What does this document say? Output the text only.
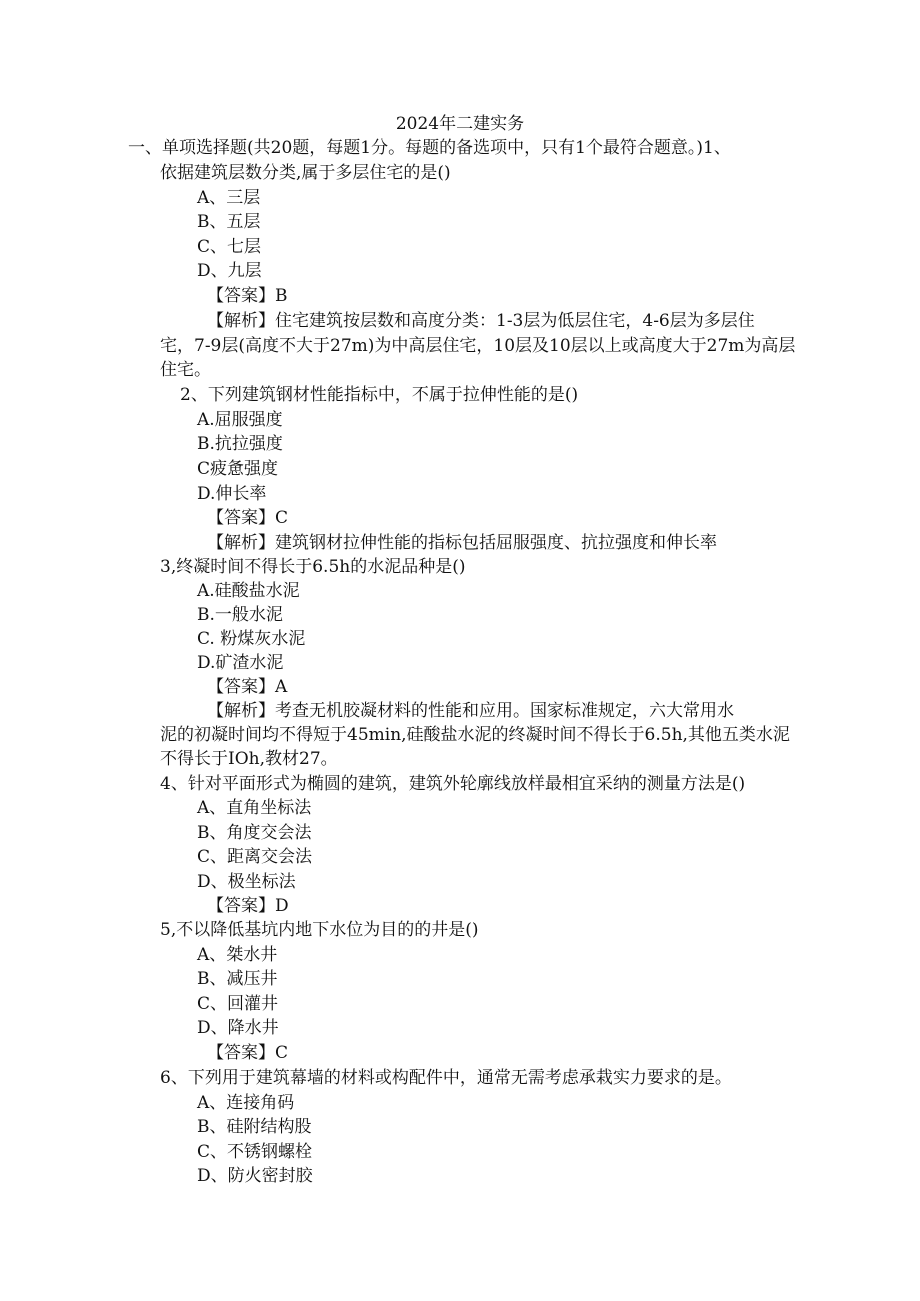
2024年二建实务
一、单项选择题(共20题，每题1分。每题的备选项中，只有1个最符合题意。)1、
依据建筑层数分类,属于多层住宅的是()
A、三层
B、五层
C、七层
D、九层
【答案】B
【解析】住宅建筑按层数和高度分类：1-3层为低层住宅，4-6层为多层住
宅，7-9层(高度不大于27m)为中高层住宅，10层及10层以上或高度大于27m为高层
住宅。
2、下列建筑钢材性能指标中，不属于拉伸性能的是()
A.屈服强度
B.抗拉强度
C疲惫强度
D.伸长率
【答案】C
【解析】建筑钢材拉伸性能的指标包括屈服强度、抗拉强度和伸长率
3,终凝时间不得长于6.5h的水泥品种是()
A.硅酸盐水泥
B.一般水泥
C. 粉煤灰水泥
D.矿渣水泥
【答案】A
【解析】考查无机胶凝材料的性能和应用。国家标准规定，六大常用水
泥的初凝时间均不得短于45min,硅酸盐水泥的终凝时间不得长于6.5h,其他五类水泥
不得长于IOh,教材27。
4、针对平面形式为椭圆的建筑，建筑外轮廓线放样最相宜采纳的测量方法是()
A、直角坐标法
B、角度交会法
C、距离交会法
D、极坐标法
【答案】D
5,不以降低基坑内地下水位为目的的井是()
A、桀水井
B、减压井
C、回灌井
D、降水井
【答案】C
6、下列用于建筑幕墙的材料或构配件中，通常无需考虑承栽实力要求的是。
A、连接角码
B、硅附结构股
C、不锈钢螺栓
D、防火密封胶
